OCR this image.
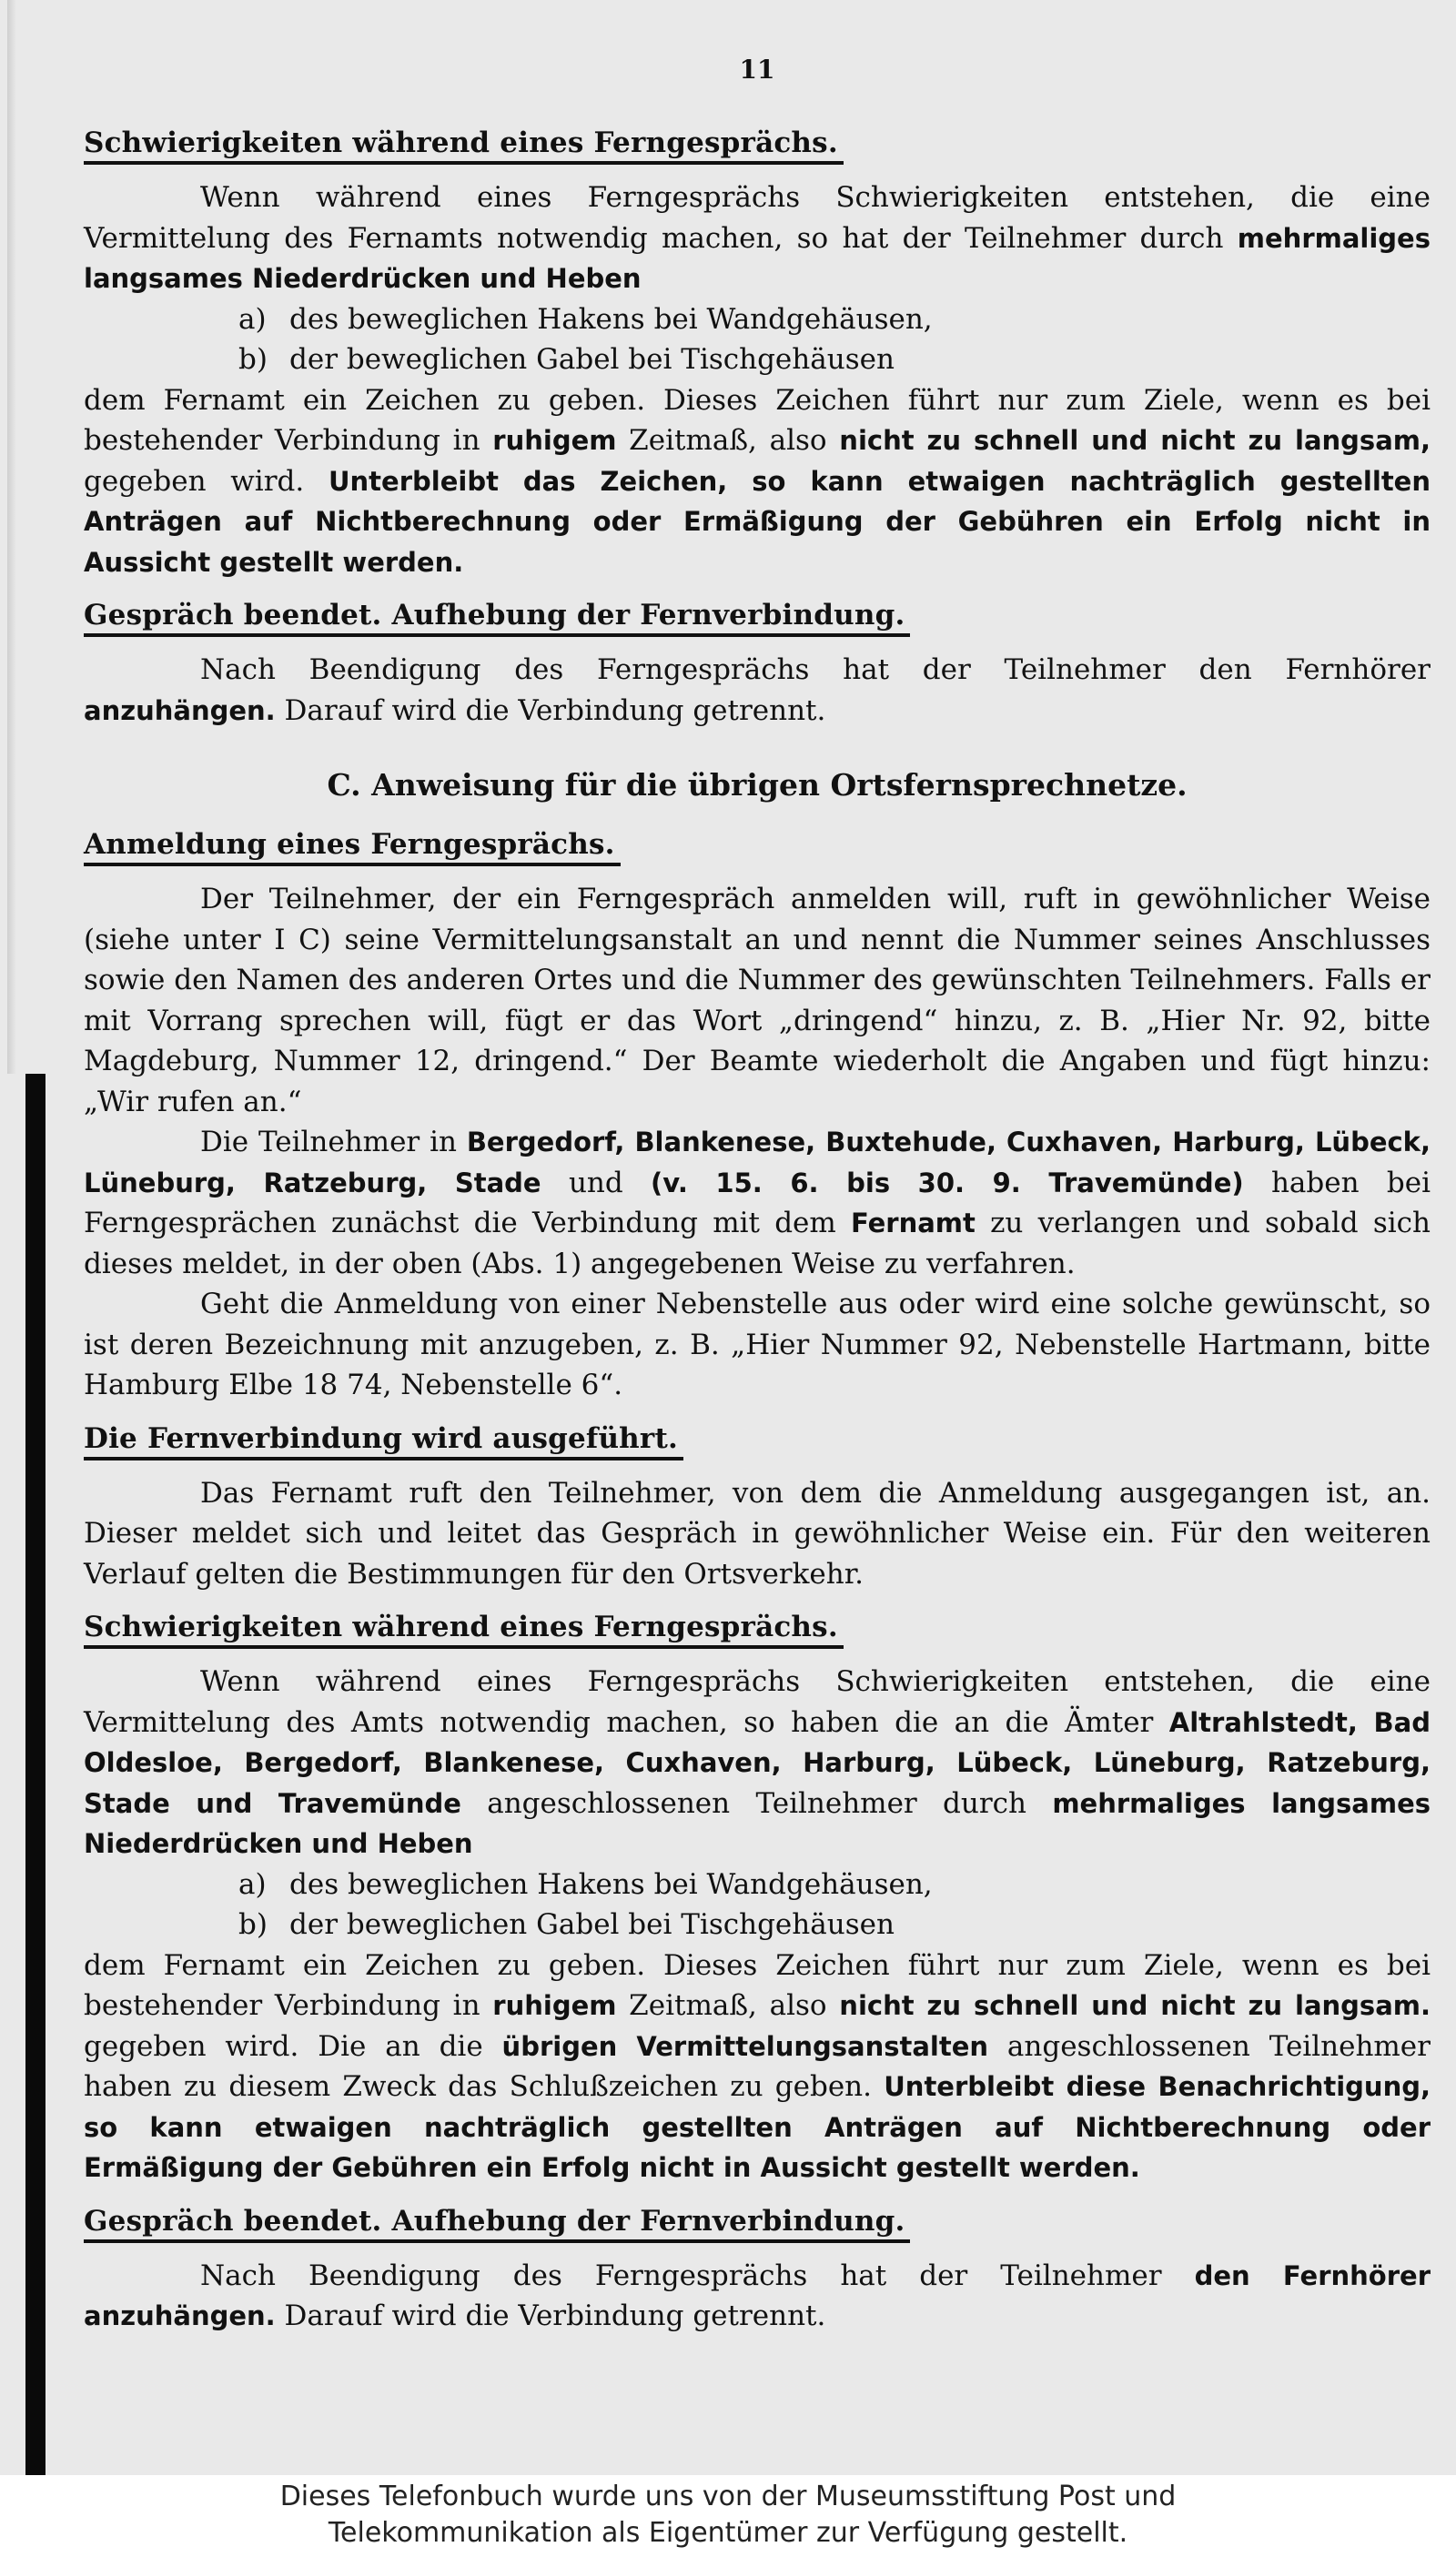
11
Schwierigkeiten während eines Ferngesprächs.

Wenn während eines Ferngesprächs Schwierigkeiten entstehen, die eine Vermittelung des Fernamts notwendig machen, so hat der Teilnehmer durch mehrmaliges langsames Niederdrücken und Heben

a) des beweglichen Hakens bei Wandgehäusen,
b) der beweglichen Gabel bei Tischgehäusen

dem Fernamt ein Zeichen zu geben. Dieses Zeichen führt nur zum Ziele, wenn es bei bestehender Verbindung in ruhigem Zeitmaß, also nicht zu schnell und nicht zu langsam, gegeben wird. Unterbleibt das Zeichen, so kann etwaigen nachträglich gestellten Anträgen auf Nichtberechnung oder Ermäßigung der Gebühren ein Erfolg nicht in Aussicht gestellt werden.

Gespräch beendet. Aufhebung der Fernverbindung.

Nach Beendigung des Ferngesprächs hat der Teilnehmer den Fernhörer anzuhängen. Darauf wird die Verbindung getrennt.

C. Anweisung für die übrigen Ortsfernsprechnetze.
Anmeldung eines Ferngesprächs.

Der Teilnehmer, der ein Ferngespräch anmelden will, ruft in gewöhnlicher Weise (siehe unter I C) seine Vermittelungsanstalt an und nennt die Nummer seines Anschlusses sowie den Namen des anderen Ortes und die Nummer des gewünschten Teilnehmers. Falls er mit Vorrang sprechen will, fügt er das Wort „dringend“ hinzu, z. B. „Hier Nr. 92, bitte Magdeburg, Nummer 12, dringend.“ Der Beamte wiederholt die Angaben und fügt hinzu: „Wir rufen an.“

Die Teilnehmer in Bergedorf, Blankenese, Buxtehude, Cuxhaven, Harburg, Lübeck, Lüneburg, Ratzeburg, Stade und (v. 15. 6. bis 30. 9. Travemünde) haben bei Ferngesprächen zunächst die Verbindung mit dem Fernamt zu verlangen und sobald sich dieses meldet, in der oben (Abs. 1) angegebenen Weise zu verfahren.

Geht die Anmeldung von einer Nebenstelle aus oder wird eine solche gewünscht, so ist deren Bezeichnung mit anzugeben, z. B. „Hier Nummer 92, Nebenstelle Hartmann, bitte Hamburg Elbe 18 74, Nebenstelle 6“.

Die Fernverbindung wird ausgeführt.

Das Fernamt ruft den Teilnehmer, von dem die Anmeldung ausgegangen ist, an. Dieser meldet sich und leitet das Gespräch in gewöhnlicher Weise ein. Für den weiteren Verlauf gelten die Bestimmungen für den Ortsverkehr.

Schwierigkeiten während eines Ferngesprächs.

Wenn während eines Ferngesprächs Schwierigkeiten entstehen, die eine Vermittelung des Amts notwendig machen, so haben die an die Ämter Altrahlstedt, Bad Oldesloe, Bergedorf, Blankenese, Cuxhaven, Harburg, Lübeck, Lüneburg, Ratzeburg, Stade und Travemünde angeschlossenen Teilnehmer durch mehrmaliges langsames Niederdrücken und Heben

a) des beweglichen Hakens bei Wandgehäusen,
b) der beweglichen Gabel bei Tischgehäusen

dem Fernamt ein Zeichen zu geben. Dieses Zeichen führt nur zum Ziele, wenn es bei bestehender Verbindung in ruhigem Zeitmaß, also nicht zu schnell und nicht zu langsam. gegeben wird. Die an die übrigen Vermittelungsanstalten angeschlossenen Teilnehmer haben zu diesem Zweck das Schlußzeichen zu geben. Unterbleibt diese Benachrichtigung, so kann etwaigen nachträglich gestellten Anträgen auf Nichtberechnung oder Ermäßigung der Gebühren ein Erfolg nicht in Aussicht gestellt werden.

Gespräch beendet. Aufhebung der Fernverbindung.

Nach Beendigung des Ferngesprächs hat der Teilnehmer den Fernhörer anzuhängen. Darauf wird die Verbindung getrennt.

Dieses Telefonbuch wurde uns von der Museumsstiftung Post und
Telekommunikation als Eigentümer zur Verfügung gestellt.
